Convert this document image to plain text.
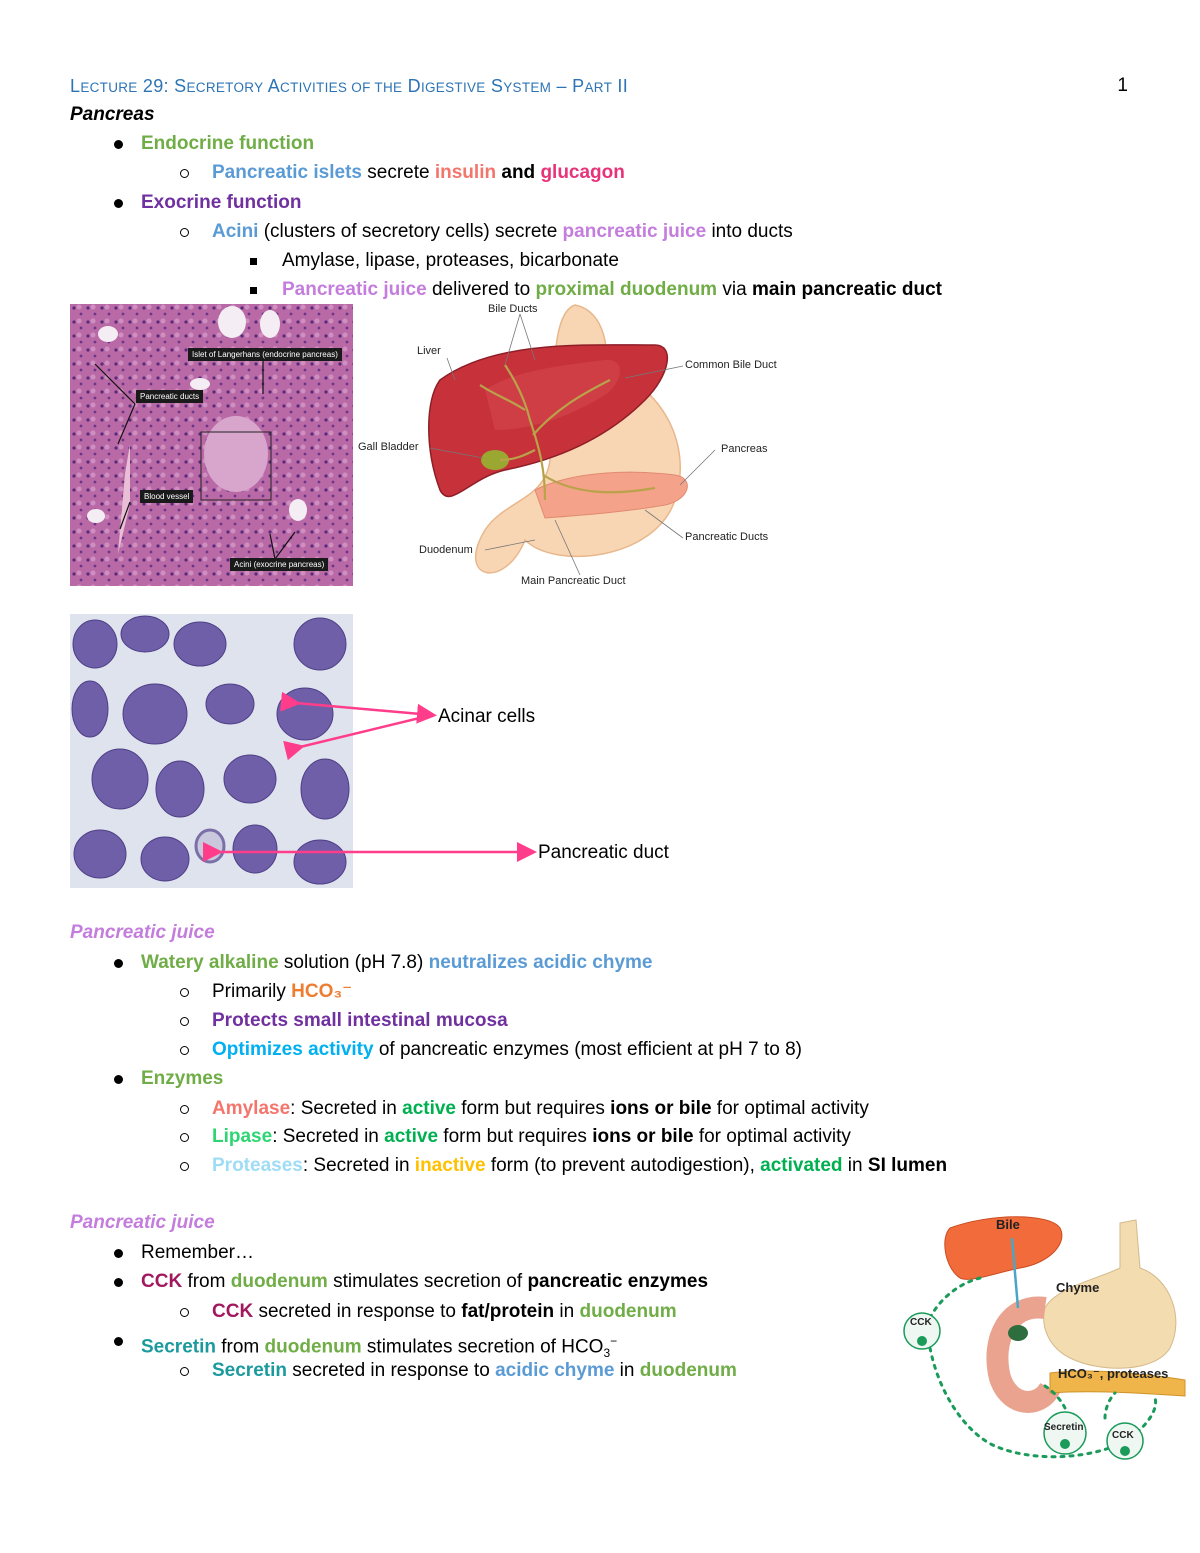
LECTURE 29: SECRETORY ACTIVITIES OF THE DIGESTIVE SYSTEM – PART II	1
Pancreas
Endocrine function
Pancreatic islets secrete insulin and glucagon
Exocrine function
Acini (clusters of secretory cells) secrete pancreatic juice into ducts
Amylase, lipase, proteases, bicarbonate
Pancreatic juice delivered to proximal duodenum via main pancreatic duct
Islet of Langerhans (endocrine pancreas)
Pancreatic ducts
Blood vessel
Acini (exocrine pancreas)
Bile Ducts
Liver
Common Bile Duct
Gall Bladder	Pancreas
Pancreatic Ducts
Duodenum
Main Pancreatic Duct
Acinar cells
Pancreatic duct
Pancreatic juice
Watery alkaline solution (pH 7.8) neutralizes acidic chyme
Primarily HCO₃⁻
Protects small intestinal mucosa
Optimizes activity of pancreatic enzymes (most efficient at pH 7 to 8)
Enzymes
Amylase: Secreted in active form but requires ions or bile for optimal activity
Lipase: Secreted in active form but requires ions or bile for optimal activity
Proteases: Secreted in inactive form (to prevent autodigestion), activated in SI lumen
Pancreatic juice
Remember…
CCK from duodenum stimulates secretion of pancreatic enzymes
CCK secreted in response to fat/protein in duodenum
Secretin from duodenum stimulates secretion of $HCO_3^-$
Secretin secreted in response to acidic chyme in duodenum
Bile
Chyme
CCK
HCO₃⁻, proteases
Secretin
CCK
